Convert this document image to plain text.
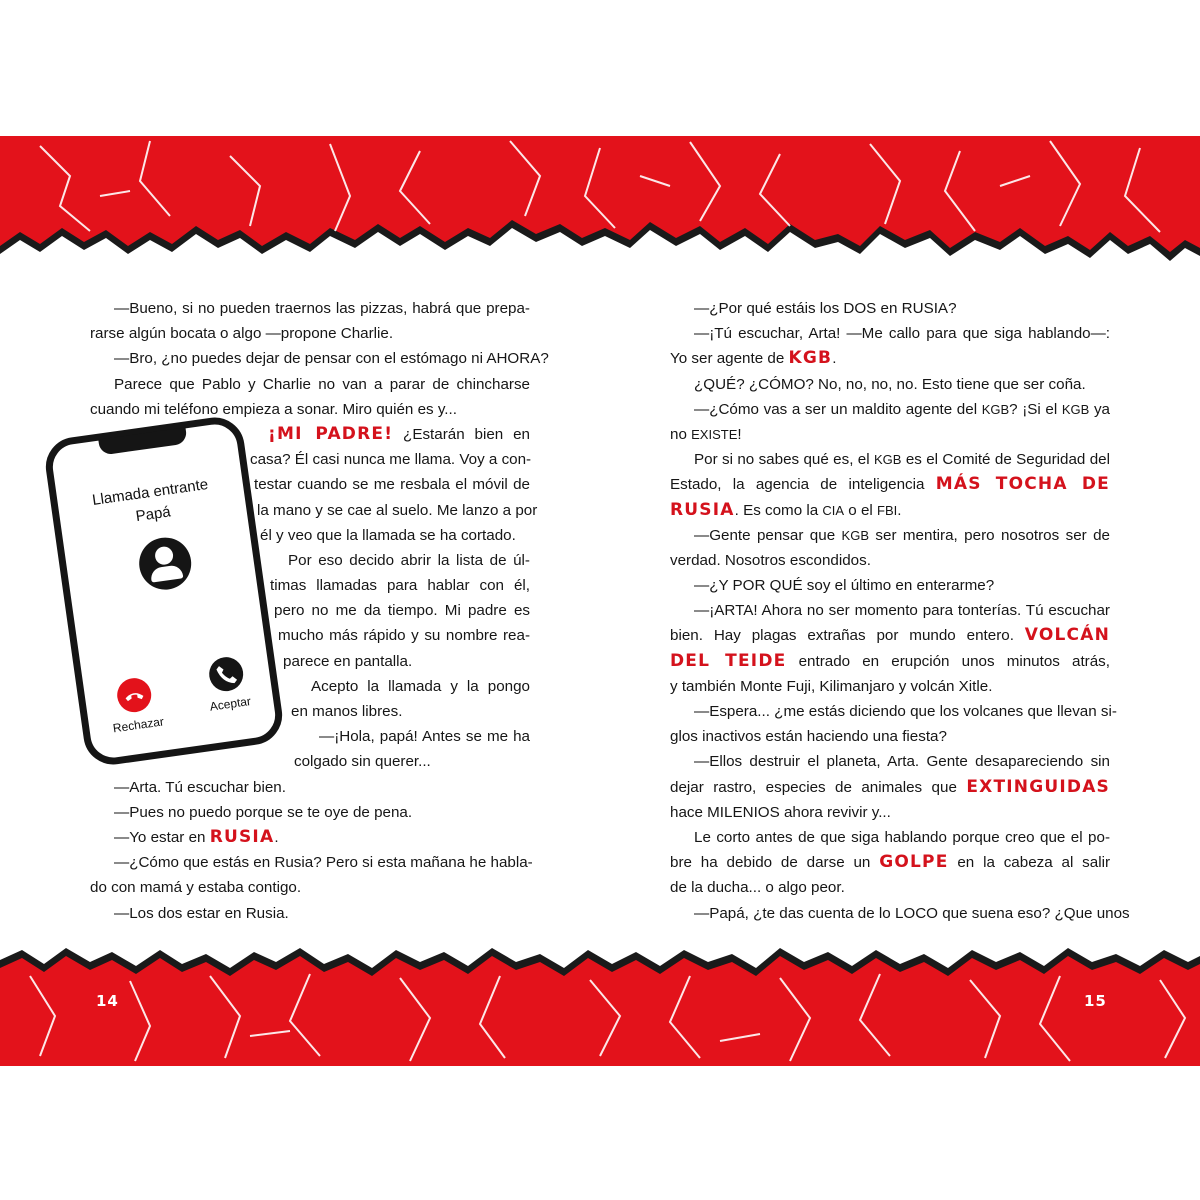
14	15
Llamada entrante
Papá
Rechazar
Aceptar
—Bueno, si no pueden traernos las pizzas, habrá que prepa-
rarse algún bocata o algo —propone Charlie.
—Bro, ¿no puedes dejar de pensar con el estómago ni AHORA?
Parece que Pablo y Charlie no van a parar de chincharse
cuando mi teléfono empieza a sonar. Miro quién es y...
¡MI PADRE! ¿Estarán bien en
casa? Él casi nunca me llama. Voy a con-
testar cuando se me resbala el móvil de
la mano y se cae al suelo. Me lanzo a por
él y veo que la llamada se ha cortado.
Por eso decido abrir la lista de úl-
timas llamadas para hablar con él,
pero no me da tiempo. Mi padre es
mucho más rápido y su nombre rea-
parece en pantalla.
Acepto la llamada y la pongo
en manos libres.
—¡Hola, papá! Antes se me ha
colgado sin querer...
—Arta. Tú escuchar bien.
—Pues no puedo porque se te oye de pena.
—Yo estar en RUSIA.
—¿Cómo que estás en Rusia? Pero si esta mañana he habla-
do con mamá y estaba contigo.
—Los dos estar en Rusia.
—¿Por qué estáis los DOS en RUSIA?
—¡Tú escuchar, Arta! —Me callo para que siga hablando—:
Yo ser agente de KGB.
¿QUÉ? ¿CÓMO? No, no, no, no. Esto tiene que ser coña.
—¿Cómo vas a ser un maldito agente del KGB? ¡Si el KGB ya
no EXISTE!
Por si no sabes qué es, el KGB es el Comité de Seguridad del
Estado, la agencia de inteligencia MÁS TOCHA DE
RUSIA. Es como la CIA o el FBI.
—Gente pensar que KGB ser mentira, pero nosotros ser de
verdad. Nosotros escondidos.
—¿Y POR QUÉ soy el último en enterarme?
—¡ARTA! Ahora no ser momento para tonterías. Tú escuchar
bien. Hay plagas extrañas por mundo entero. VOLCÁN
DEL TEIDE entrado en erupción unos minutos atrás,
y también Monte Fuji, Kilimanjaro y volcán Xitle.
—Espera... ¿me estás diciendo que los volcanes que llevan si-
glos inactivos están haciendo una fiesta?
—Ellos destruir el planeta, Arta. Gente desapareciendo sin
dejar rastro, especies de animales que EXTINGUIDAS
hace MILENIOS ahora revivir y...
Le corto antes de que siga hablando porque creo que el po-
bre ha debido de darse un GOLPE en la cabeza al salir
de la ducha... o algo peor.
—Papá, ¿te das cuenta de lo LOCO que suena eso? ¿Que unos
